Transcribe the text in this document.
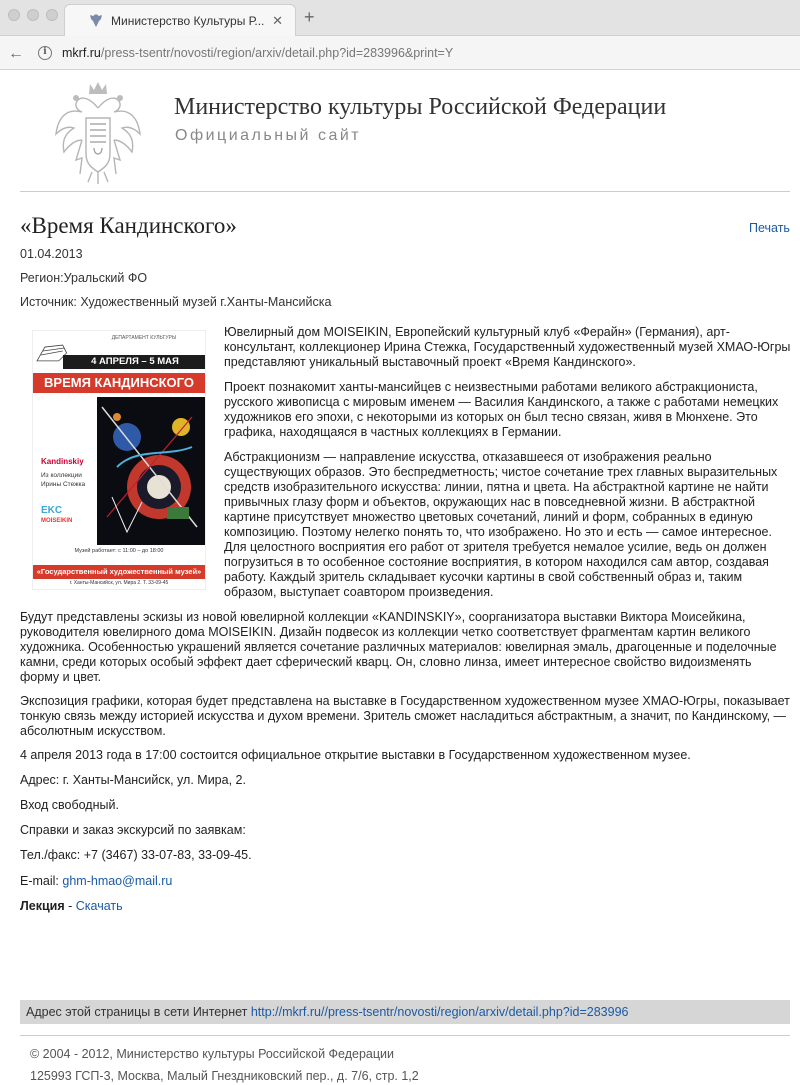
Министерство Культуры Р... ✕ +
←	i	mkrf.ru/press-tsentr/novosti/region/arxiv/detail.php?id=283996&print=Y
Министерство культуры Российской Федерации
Официальный сайт
«Время Кандинского»	Печать
01.04.2013
Регион:Уральский ФО
Источник: Художественный музей г.Ханты-Мансийска
ДЕПАРТАМЕНТ КУЛЬТУРЫ
4 АПРЕЛЯ – 5 МАЯ
ВРЕМЯ КАНДИНСКОГО
Kandinskiy
Из коллекции Ирины Стежка
EKC
MOISEIKIN
Музей работает: с 11:00 – до 18:00
«Государственный художественный музей»
г. Ханты-Мансийск, ул. Мира 2. Т. 33-09-45
Ювелирный дом MOISEIKIN, Европейский культурный клуб «Ферайн» (Германия), арт-консультант, коллекционер Ирина Стежка, Государственный художественный музей ХМАО-Югры представляют уникальный выставочный проект «Время Кандинского».
Проект познакомит ханты-мансийцев с неизвестными работами великого абстракциониста, русского живописца с мировым именем — Василия Кандинского, а также с работами немецких художников его эпохи, с некоторыми из которых он был тесно связан, живя в Мюнхене. Это графика, находящаяся в частных коллекциях в Германии.
Абстракционизм — направление искусства, отказавшееся от изображения реально существующих образов. Это беспредметность; чистое сочетание трех главных выразительных средств изобразительного искусства: линии, пятна и цвета. На абстрактной картине не найти привычных глазу форм и объектов, окружающих нас в повседневной жизни. В абстрактной картине присутствует множество цветовых сочетаний, линий и форм, собранных в единую композицию. Поэтому нелегко понять то, что изображено. Но это и есть — самое интересное. Для целостного восприятия его работ от зрителя требуется немалое усилие, ведь он должен погрузиться в то особенное состояние восприятия, в котором находился сам автор, создавая работу. Каждый зритель складывает кусочки картины в свой собственный образ и, таким образом, выступает соавтором произведения.
Будут представлены эскизы из новой ювелирной коллекции «KANDINSKIY», соорганизатора выставки Виктора Моисейкина, руководителя ювелирного дома MOISEIKIN. Дизайн подвесок из коллекции четко соответствует фрагментам картин великого художника. Особенностью украшений является сочетание различных материалов: ювелирная эмаль, драгоценные и поделочные камни, среди которых особый эффект дает сферический кварц. Он, словно линза, имеет интересное свойство видоизменять форму и цвет.
Экспозиция графики, которая будет представлена на выставке в Государственном художественном музее ХМАО-Югры, показывает тонкую связь между историей искусства и духом времени. Зритель сможет насладиться абстрактным, а значит, по Кандинскому, — абсолютным искусством.
4 апреля 2013 года в 17:00 состоится официальное открытие выставки в Государственном художественном музее.
Адрес: г. Ханты-Мансийск, ул. Мира, 2.
Вход свободный.
Справки и заказ экскурсий по заявкам:
Тел./факс: +7 (3467) 33-07-83, 33-09-45.
E-mail: ghm-hmao@mail.ru
Лекция - Скачать
Адрес этой страницы в сети Интернет http://mkrf.ru//press-tsentr/novosti/region/arxiv/detail.php?id=283996
© 2004 - 2012, Министерство культуры Российской Федерации
125993 ГСП-3, Москва, Малый Гнездниковский пер., д. 7/6, стр. 1,2
